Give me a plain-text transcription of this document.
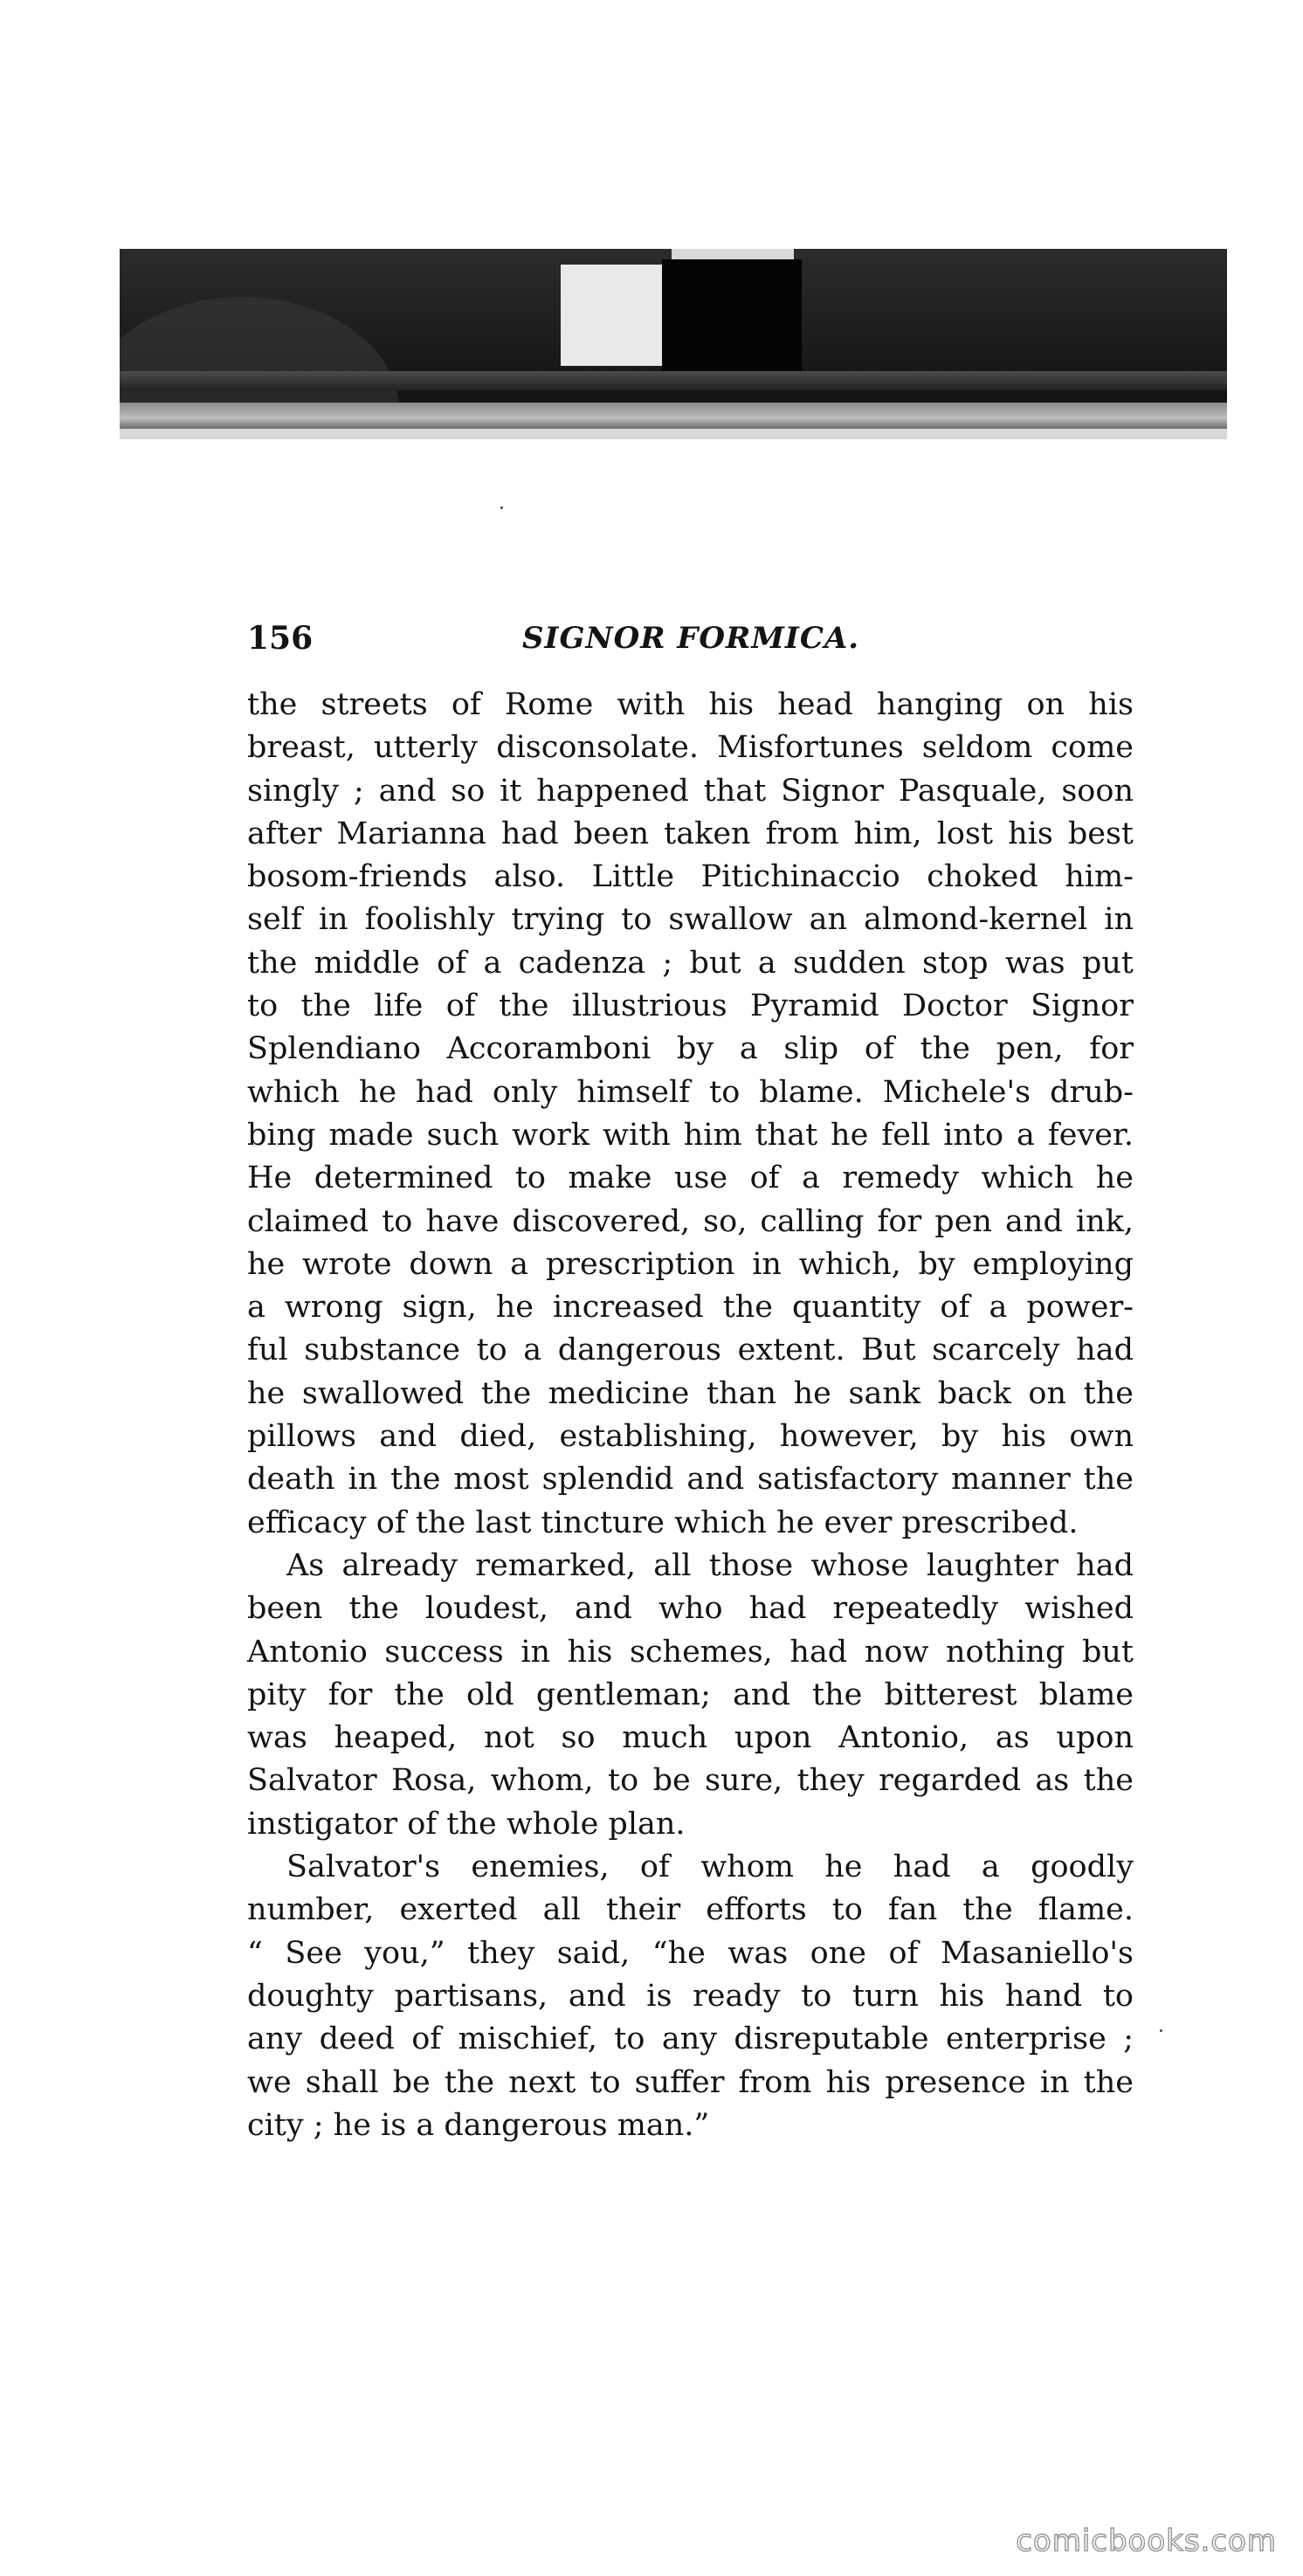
156	SIGNOR FORMICA.
the streets of Rome with his head hanging on his
breast, utterly disconsolate. Misfortunes seldom come
singly ; and so it happened that Signor Pasquale, soon
after Marianna had been taken from him, lost his best
bosom-friends also. Little Pitichinaccio choked him-
self in foolishly trying to swallow an almond-kernel in
the middle of a cadenza ; but a sudden stop was put
to the life of the illustrious Pyramid Doctor Signor
Splendiano Accoramboni by a slip of the pen, for
which he had only himself to blame. Michele's drub-
bing made such work with him that he fell into a fever.
He determined to make use of a remedy which he
claimed to have discovered, so, calling for pen and ink,
he wrote down a prescription in which, by employing
a wrong sign, he increased the quantity of a power-
ful substance to a dangerous extent. But scarcely had
he swallowed the medicine than he sank back on the
pillows and died, establishing, however, by his own
death in the most splendid and satisfactory manner the
efficacy of the last tincture which he ever prescribed.
As already remarked, all those whose laughter had
been the loudest, and who had repeatedly wished
Antonio success in his schemes, had now nothing but
pity for the old gentleman; and the bitterest blame
was heaped, not so much upon Antonio, as upon
Salvator Rosa, whom, to be sure, they regarded as the
instigator of the whole plan.
Salvator's enemies, of whom he had a goodly
number, exerted all their efforts to fan the flame.
“ See you,” they said, “he was one of Masaniello's
doughty partisans, and is ready to turn his hand to
any deed of mischief, to any disreputable enterprise ;
we shall be the next to suffer from his presence in the
city ; he is a dangerous man.”
comicbooks.com
